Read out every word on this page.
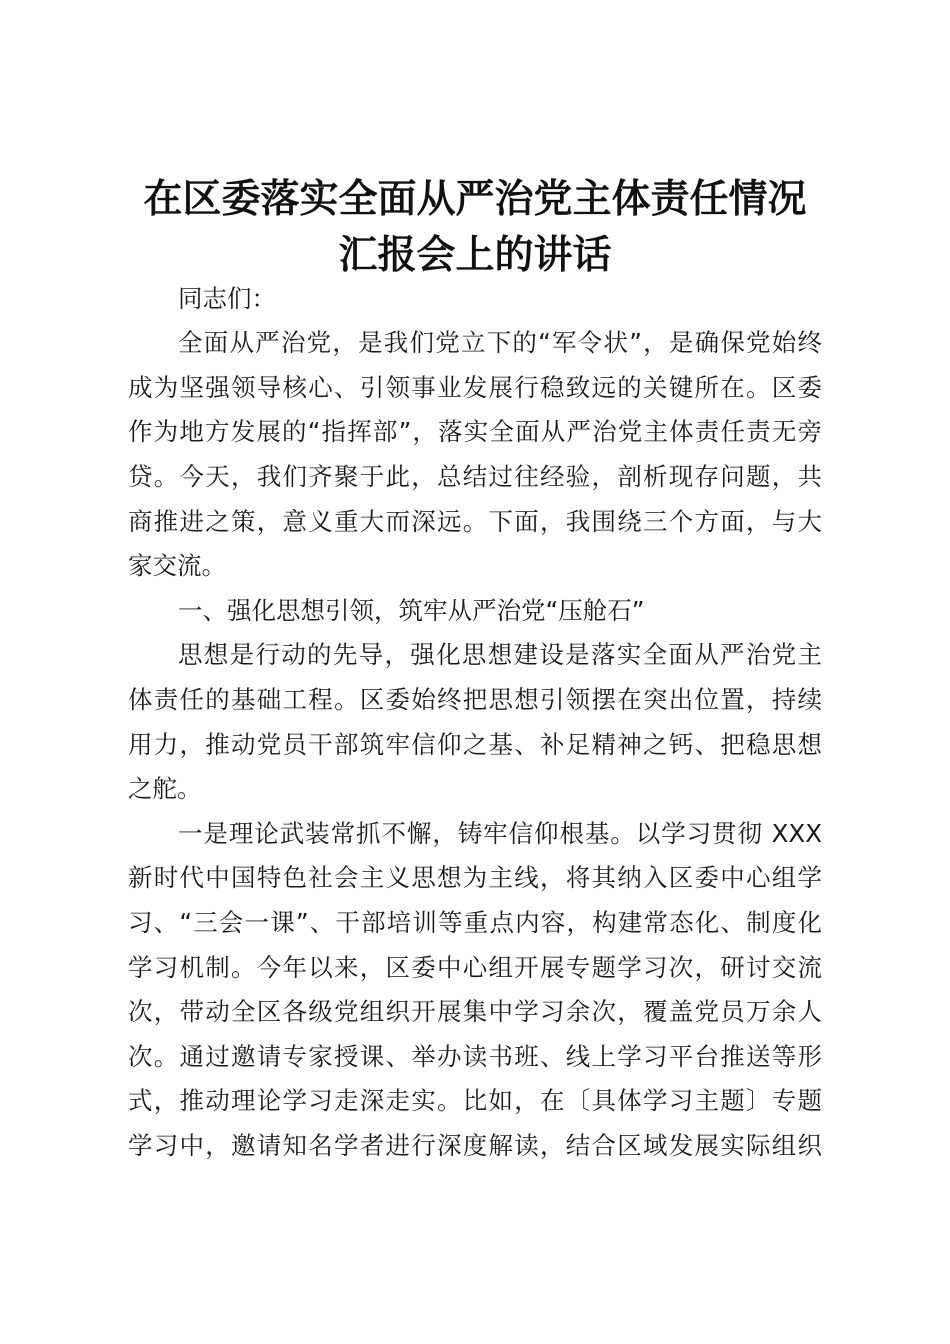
在区委落实全面从严治党主体责任情况
汇报会上的讲话
同志们：
全面从严治党，是我们党立下的“军令状”，是确保党始终
成为坚强领导核心、引领事业发展行稳致远的关键所在。区委
作为地方发展的“指挥部”，落实全面从严治党主体责任责无旁
贷。今天，我们齐聚于此，总结过往经验，剖析现存问题，共
商推进之策，意义重大而深远。下面，我围绕三个方面，与大
家交流。
一、强化思想引领，筑牢从严治党“压舱石”
思想是行动的先导，强化思想建设是落实全面从严治党主
体责任的基础工程。区委始终把思想引领摆在突出位置，持续
用力，推动党员干部筑牢信仰之基、补足精神之钙、把稳思想
之舵。
一是理论武装常抓不懈，铸牢信仰根基。以学习贯彻 XXX
新时代中国特色社会主义思想为主线，将其纳入区委中心组学
习、“三会一课”、干部培训等重点内容，构建常态化、制度化
学习机制。今年以来，区委中心组开展专题学习次，研讨交流
次，带动全区各级党组织开展集中学习余次，覆盖党员万余人
次。通过邀请专家授课、举办读书班、线上学习平台推送等形
式，推动理论学习走深走实。比如，在〔具体学习主题〕专题
学习中，邀请知名学者进行深度解读，结合区域发展实际组织
